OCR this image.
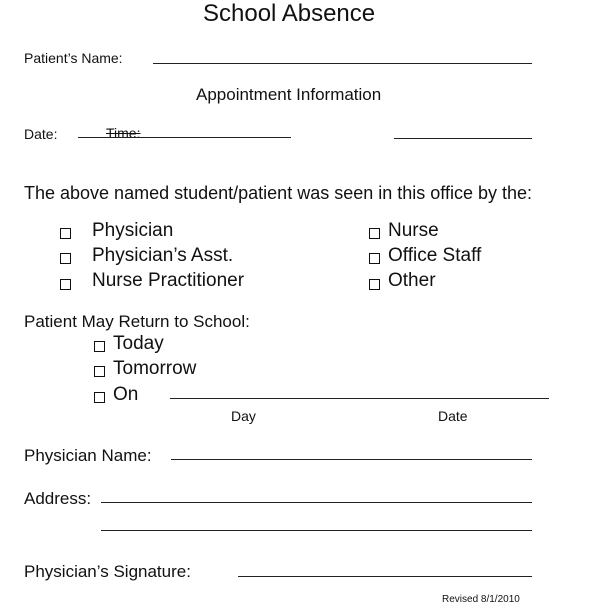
School Absence
Patient’s Name:
Appointment Information
Date:	Time:
The above named student/patient was seen in this office by the:
Physician
Physician’s Asst.
Nurse Practitioner
Nurse
Office Staff
Other
Patient May Return to School:
Today
Tomorrow
On
Day	Date
Physician Name:
Address:
Physician’s Signature:
Revised 8/1/2010
